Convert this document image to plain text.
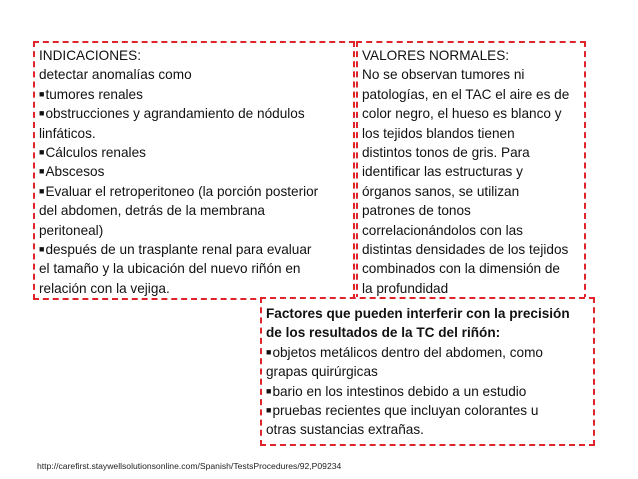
INDICACIONES:
detectar anomalías como
■tumores renales
■obstrucciones y agrandamiento de nódulos
linfáticos.
■Cálculos renales
■Abscesos
■Evaluar el retroperitoneo (la porción posterior
del abdomen, detrás de la membrana
peritoneal)
■después de un trasplante renal para evaluar
el tamaño y la ubicación del nuevo riñón en
relación con la vejiga.
VALORES NORMALES:
No se observan tumores ni
patologías, en el TAC el aire es de
color negro, el hueso es blanco y
los tejidos blandos tienen
distintos tonos de gris. Para
identificar las estructuras y
órganos sanos, se utilizan
patrones de tonos
correlacionándolos con las
distintas densidades de los tejidos
combinados con la dimensión de
la profundidad
Factores que pueden interferir con la precisión
de los resultados de la TC del riñón:
■objetos metálicos dentro del abdomen, como
grapas quirúrgicas
■bario en los intestinos debido a un estudio
■pruebas recientes que incluyan colorantes u
otras sustancias extrañas.
http://carefirst.staywellsolutionsonline.com/Spanish/TestsProcedures/92,P09234
